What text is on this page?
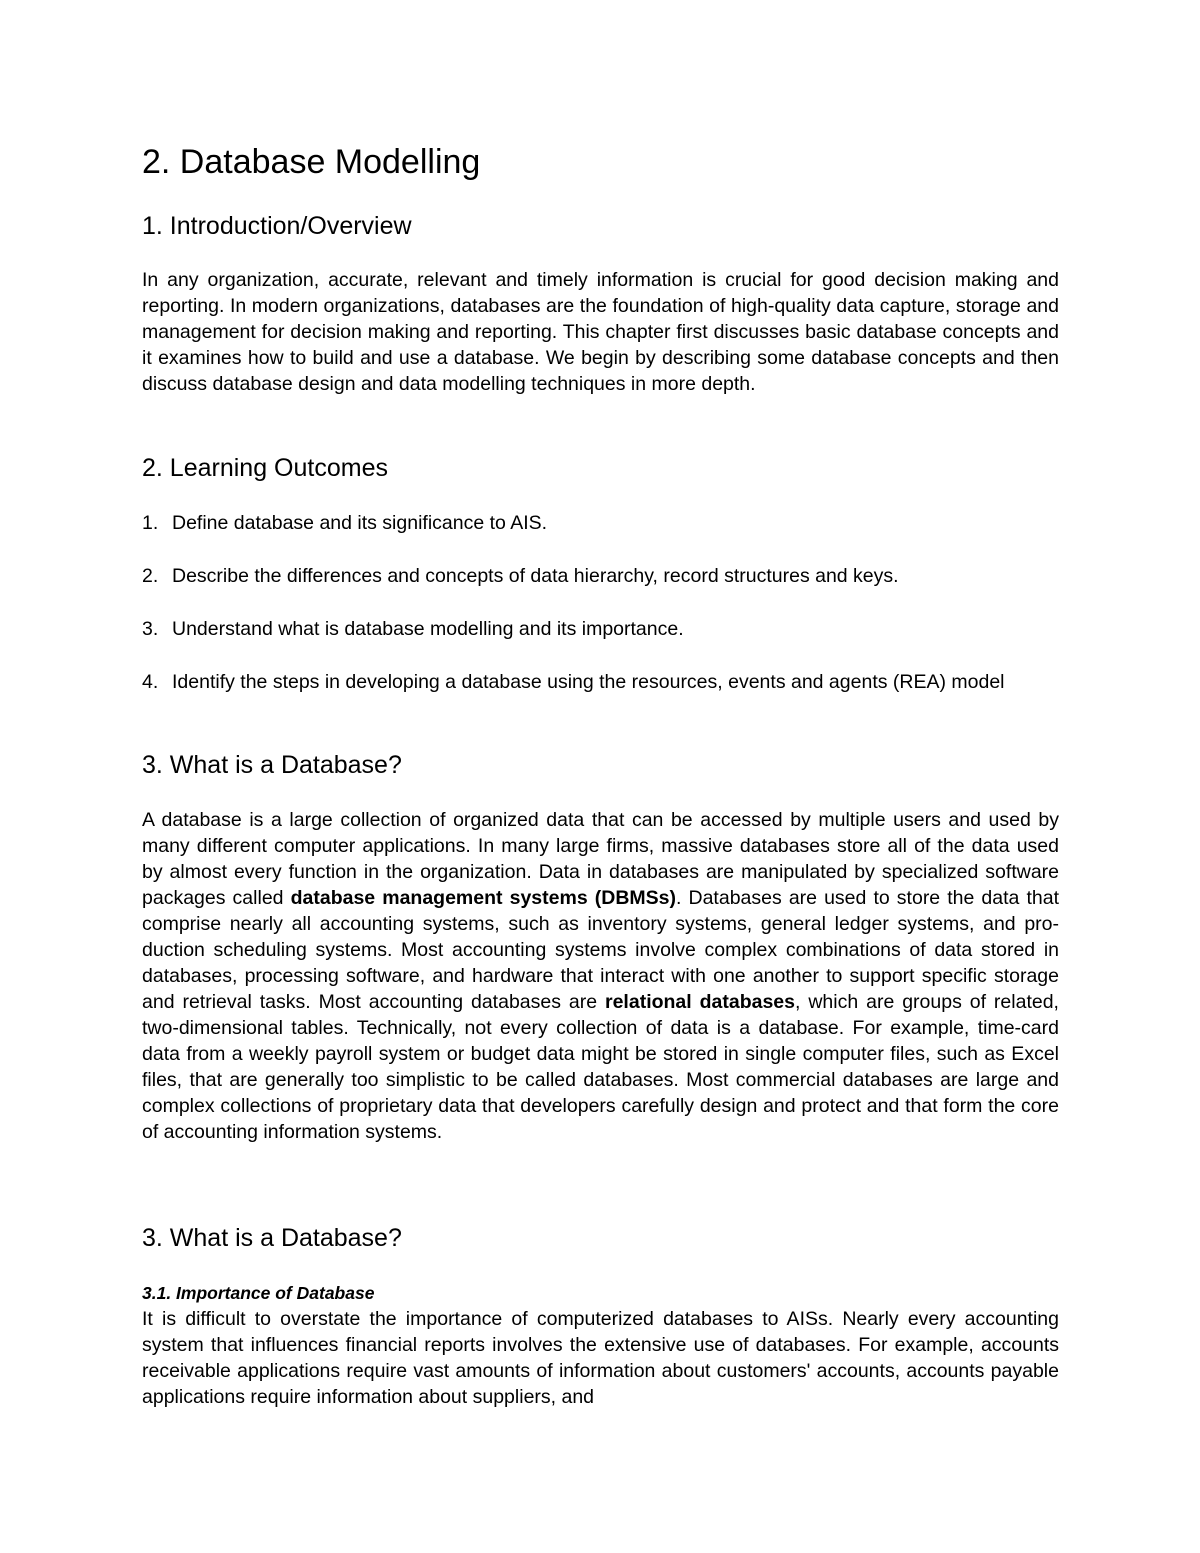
2. Database Modelling
1. Introduction/Overview

In any organization, accurate, relevant and timely information is crucial for good decision making and reporting. In modern organizations, databases are the foundation of high-quality data capture, storage and management for decision making and reporting. This chapter first discusses basic database concepts and it examines how to build and use a database. We begin by describing some database concepts and then discuss database design and data modelling techniques in more depth.

2. Learning Outcomes

1. Define database and its significance to AIS.

2. Describe the differences and concepts of data hierarchy, record structures and keys.

3. Understand what is database modelling and its importance.

4. Identify the steps in developing a database using the resources, events and agents (REA) model

3. What is a Database?

A database is a large collection of organized data that can be accessed by multiple users and used by many different computer applications. In many large firms, massive databases store all of the data used by almost every function in the organization. Data in databases are manipulated by specialized software packages called database management systems (DBMSs). Databases are used to store the data that comprise nearly all accounting systems, such as inventory systems, general ledger systems, and pro- duction scheduling systems. Most accounting systems involve complex combinations of data stored in databases, processing software, and hardware that interact with one another to support specific storage and retrieval tasks. Most accounting databases are relational databases, which are groups of related, two-dimensional tables. Technically, not every collection of data is a database. For example, time-card data from a weekly payroll system or budget data might be stored in single computer files, such as Excel files, that are generally too simplistic to be called databases. Most commercial databases are large and complex collections of proprietary data that developers carefully design and protect and that form the core of accounting information systems.

3. What is a Database?
3.1. Importance of Database

It is difficult to overstate the importance of computerized databases to AISs. Nearly every accounting system that influences financial reports involves the extensive use of databases. For example, accounts receivable applications require vast amounts of information about customers' accounts, accounts payable applications require information about suppliers, and
